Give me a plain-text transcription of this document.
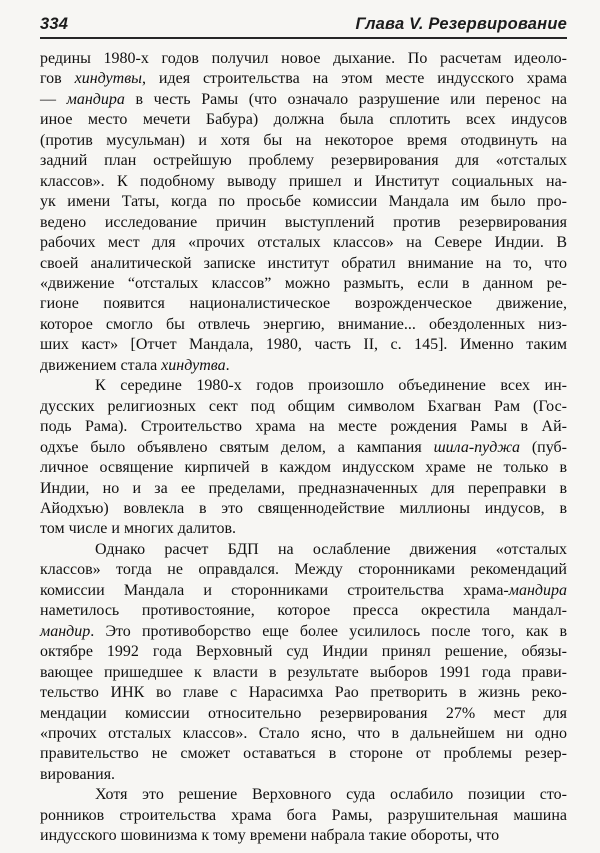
334	Глава V. Резервирование
редины 1980-х годов получил новое дыхание. По расчетам идеоло-
гов хиндутвы, идея строительства на этом месте индусского храма
— мандира в честь Рамы (что означало разрушение или перенос на
иное место мечети Бабура) должна была сплотить всех индусов
(против мусульман) и хотя бы на некоторое время отодвинуть на
задний план острейшую проблему резервирования для «отсталых
классов». К подобному выводу пришел и Институт социальных на-
ук имени Таты, когда по просьбе комиссии Мандала им было про-
ведено исследование причин выступлений против резервирования
рабочих мест для «прочих отсталых классов» на Севере Индии. В
своей аналитической записке институт обратил внимание на то, что
«движение “отсталых классов” можно размыть, если в данном ре-
гионе появится националистическое возрожденческое движение,
которое смогло бы отвлечь энергию, внимание... обездоленных низ-
ших каст» [Отчет Мандала, 1980, часть II, с. 145]. Именно таким
движением стала хиндутва.
К середине 1980-х годов произошло объединение всех ин-
дусских религиозных сект под общим символом Бхагван Рам (Гос-
подь Рама). Строительство храма на месте рождения Рамы в Ай-
одхъе было объявлено святым делом, а кампания шила-пуджа (пуб-
личное освящение кирпичей в каждом индусском храме не только в
Индии, но и за ее пределами, предназначенных для переправки в
Айодхъю) вовлекла в это священнодействие миллионы индусов, в
том числе и многих далитов.
Однако расчет БДП на ослабление движения «отсталых
классов» тогда не оправдался. Между сторонниками рекомендаций
комиссии Мандала и сторонниками строительства храма-мандира
наметилось противостояние, которое пресса окрестила мандал-
мандир. Это противоборство еще более усилилось после того, как в
октябре 1992 года Верховный суд Индии принял решение, обязы-
вающее пришедшее к власти в результате выборов 1991 года прави-
тельство ИНК во главе с Нарасимха Рао претворить в жизнь реко-
мендации комиссии относительно резервирования 27% мест для
«прочих отсталых классов». Стало ясно, что в дальнейшем ни одно
правительство не сможет оставаться в стороне от проблемы резер-
вирования.
Хотя это решение Верховного суда ослабило позиции сто-
ронников строительства храма бога Рамы, разрушительная машина
индусского шовинизма к тому времени набрала такие обороты, что
